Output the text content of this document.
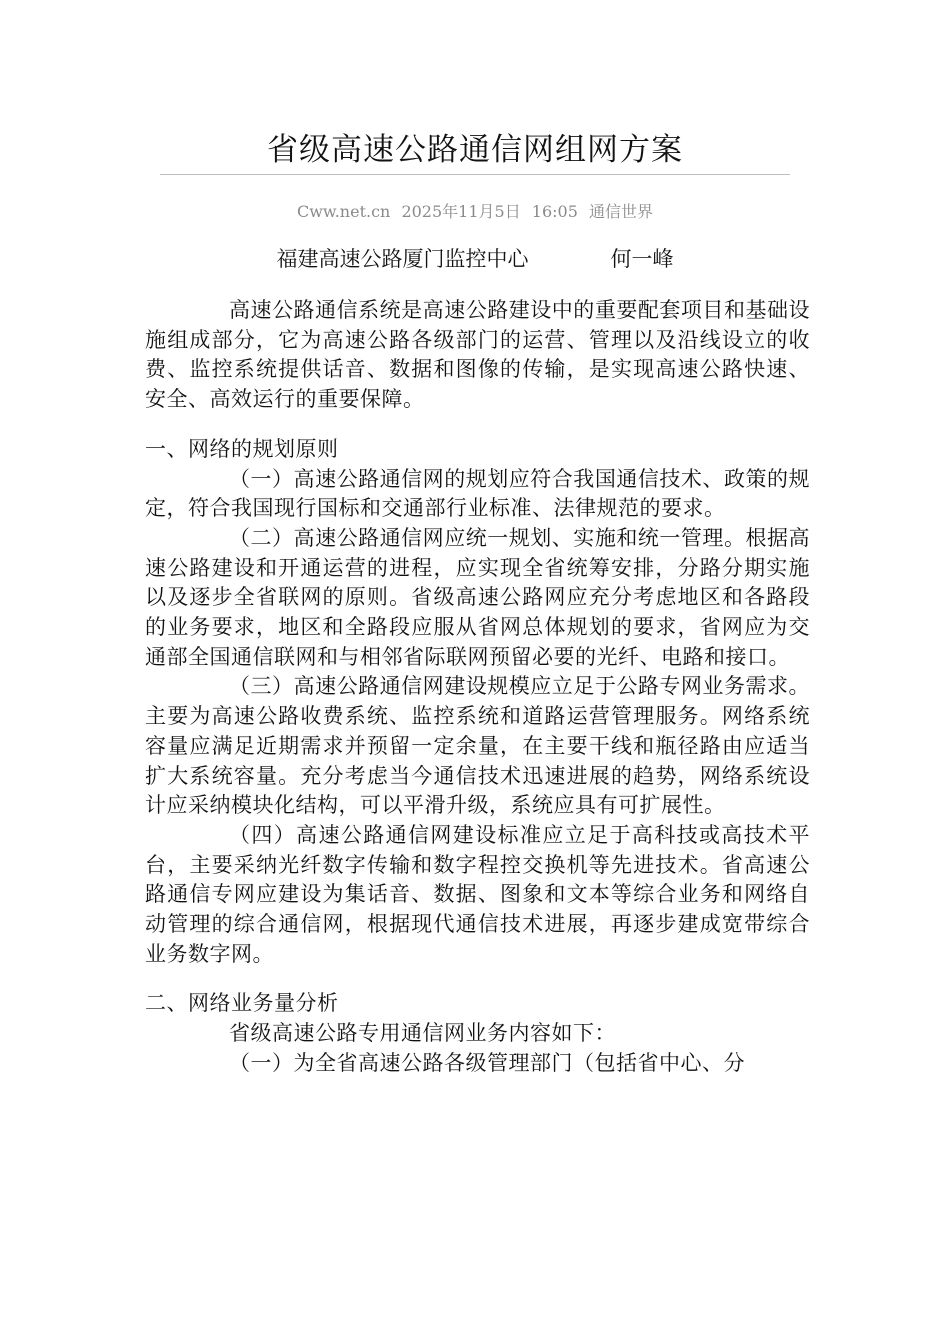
省级高速公路通信网组网方案
Cww.net.cn 2025年11月5日 16:05 通信世界
福建高速公路厦门监控中心	何一峰

高速公路通信系统是高速公路建设中的重要配套项目和基础设施组成部分，它为高速公路各级部门的运营、管理以及沿线设立的收费、监控系统提供话音、数据和图像的传输，是实现高速公路快速、安全、高效运行的重要保障。

一、网络的规划原则

（一）高速公路通信网的规划应符合我国通信技术、政策的规定，符合我国现行国标和交通部行业标准、法律规范的要求。

（二）高速公路通信网应统一规划、实施和统一管理。根据高速公路建设和开通运营的进程，应实现全省统筹安排，分路分期实施以及逐步全省联网的原则。省级高速公路网应充分考虑地区和各路段的业务要求，地区和全路段应服从省网总体规划的要求，省网应为交通部全国通信联网和与相邻省际联网预留必要的光纤、电路和接口。

（三）高速公路通信网建设规模应立足于公路专网业务需求。主要为高速公路收费系统、监控系统和道路运营管理服务。网络系统容量应满足近期需求并预留一定余量，在主要干线和瓶径路由应适当扩大系统容量。充分考虑当今通信技术迅速进展的趋势，网络系统设计应采纳模块化结构，可以平滑升级，系统应具有可扩展性。

（四）高速公路通信网建设标准应立足于高科技或高技术平台，主要采纳光纤数字传输和数字程控交换机等先进技术。省高速公路通信专网应建设为集话音、数据、图象和文本等综合业务和网络自动管理的综合通信网，根据现代通信技术进展，再逐步建成宽带综合业务数字网。

二、网络业务量分析

省级高速公路专用通信网业务内容如下：

（一）为全省高速公路各级管理部门（包括省中心、分
